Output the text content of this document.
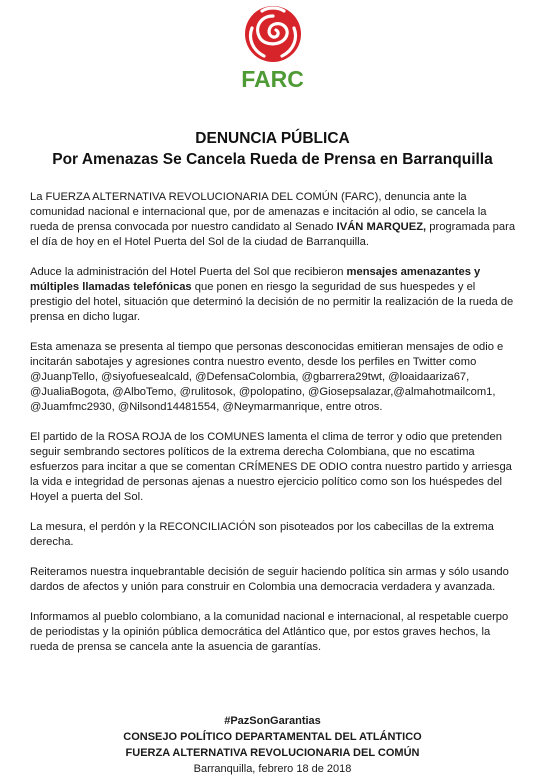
FARC
DENUNCIA PÚBLICA
Por Amenazas Se Cancela Rueda de Prensa en Barranquilla

La FUERZA ALTERNATIVA REVOLUCIONARIA DEL COMÚN (FARC), denuncia ante la comunidad nacional e internacional que, por de amenazas e incitación al odio, se cancela la rueda de prensa convocada por nuestro candidato al Senado IVÁN MARQUEZ, programada para el día de hoy en el Hotel Puerta del Sol de la ciudad de Barranquilla.

Aduce la administración del Hotel Puerta del Sol que recibieron mensajes amenazantes y múltiples llamadas telefónicas que ponen en riesgo la seguridad de sus huespedes y el prestigio del hotel, situación que determinó la decisión de no permitir la realización de la rueda de prensa en dicho lugar.

Esta amenaza se presenta al tiempo que personas desconocidas emitieran mensajes de odio e incitarán sabotajes y agresiones contra nuestro evento, desde los perfiles en Twitter como @JuanpTello, @siyofuesealcald, @DefensaColombia, @gbarrera29twt, @loaidaariza67, @JualiaBogota, @AlboTemo, @rulitosok, @polopatino, @Giosepsalazar,@almahotmailcom1, @Juamfmc2930, @Nilsond14481554, @Neymarmanrique, entre otros.

El partido de la ROSA ROJA de los COMUNES lamenta el clima de terror y odio que pretenden seguir sembrando sectores políticos de la extrema derecha Colombiana, que no escatima esfuerzos para incitar a que se comentan CRÍMENES DE ODIO contra nuestro partido y arriesga la vida e integridad de personas ajenas a nuestro ejercicio político como son los huéspedes del Hoyel a puerta del Sol.

La mesura, el perdón y la RECONCILIACIÓN son pisoteados por los cabecillas de la extrema derecha.

Reiteramos nuestra inquebrantable decisión de seguir haciendo política sin armas y sólo usando dardos de afectos y unión para construir en Colombia una democracia verdadera y avanzada.

Informamos al pueblo colombiano, a la comunidad nacional e internacional, al respetable cuerpo de periodistas y la opinión pública democrática del Atlántico que, por estos graves hechos, la rueda de prensa se cancela ante la asuencia de garantías.

#PazSonGarantias
CONSEJO POLÍTICO DEPARTAMENTAL DEL ATLÁNTICO
FUERZA ALTERNATIVA REVOLUCIONARIA DEL COMÚN
Barranquilla, febrero 18 de 2018
